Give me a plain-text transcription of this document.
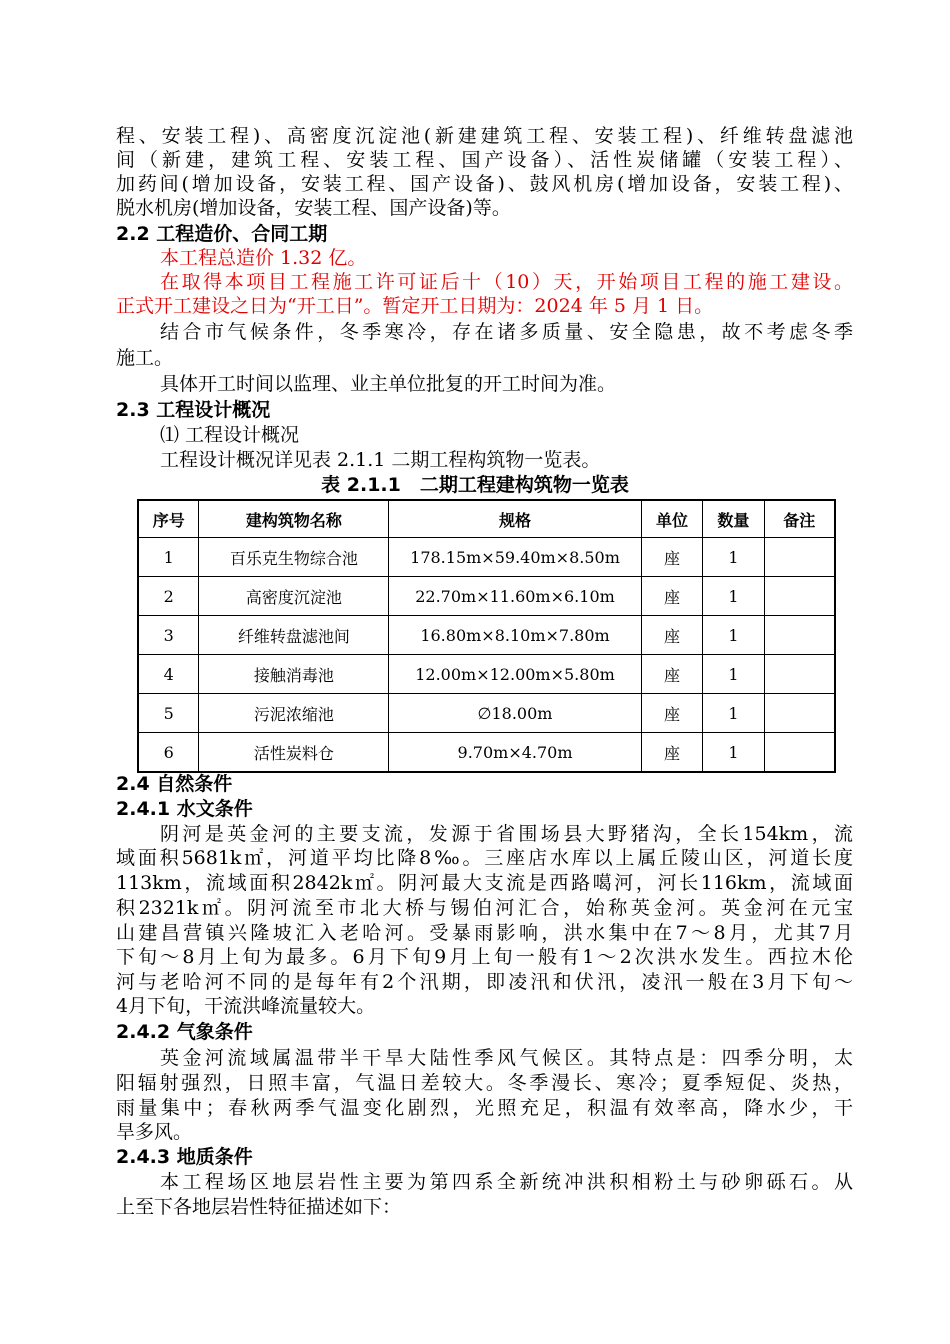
程、安装工程)、高密度沉淀池(新建建筑工程、安装工程)、纤维转盘滤池
间（新建，建筑工程、安装工程、国产设备）、活性炭储罐（安装工程）、
加药间(增加设备，安装工程、国产设备)、鼓风机房(增加设备，安装工程)、
脱水机房(增加设备，安装工程、国产设备)等。
2.2 工程造价、合同工期
本工程总造价 1.32 亿。
在取得本项目工程施工许可证后十（10）天，开始项目工程的施工建设。
正式开工建设之日为“开工日”。暂定开工日期为：2024 年 5 月 1 日。
结合市气候条件，冬季寒冷，存在诸多质量、安全隐患，故不考虑冬季
施工。
具体开工时间以监理、业主单位批复的开工时间为准。
2.3 工程设计概况
⑴ 工程设计概况
工程设计概况详见表 2.1.1 二期工程构筑物一览表。
表 2.1.1　二期工程建构筑物一览表
序号	建构筑物名称	规格	单位	数量	备注
1	百乐克生物综合池	178.15m×59.40m×8.50m	座	1	
2	高密度沉淀池	22.70m×11.60m×6.10m	座	1	
3	纤维转盘滤池间	16.80m×8.10m×7.80m	座	1	
4	接触消毒池	12.00m×12.00m×5.80m	座	1	
5	污泥浓缩池	∅18.00m	座	1	
6	活性炭料仓	9.70m×4.70m	座	1	
2.4 自然条件
2.4.1 水文条件
阴河是英金河的主要支流，发源于省围场县大野猪沟，全长154km，流
域面积5681k㎡，河道平均比降8‰。三座店水库以上属丘陵山区，河道长度
113km，流域面积2842k㎡。阴河最大支流是西路噶河，河长116km，流域面
积2321k㎡。阴河流至市北大桥与锡伯河汇合，始称英金河。英金河在元宝
山建昌营镇兴隆坡汇入老哈河。受暴雨影响，洪水集中在7～8月，尤其7月
下旬～8月上旬为最多。6月下旬9月上旬一般有1～2次洪水发生。西拉木伦
河与老哈河不同的是每年有2个汛期，即凌汛和伏汛，凌汛一般在3月下旬～
4月下旬，干流洪峰流量较大。
2.4.2 气象条件
英金河流域属温带半干旱大陆性季风气候区。其特点是：四季分明，太
阳辐射强烈，日照丰富，气温日差较大。冬季漫长、寒冷；夏季短促、炎热，
雨量集中；春秋两季气温变化剧烈，光照充足，积温有效率高，降水少，干
旱多风。
2.4.3 地质条件
本工程场区地层岩性主要为第四系全新统冲洪积相粉土与砂卵砾石。从
上至下各地层岩性特征描述如下：
